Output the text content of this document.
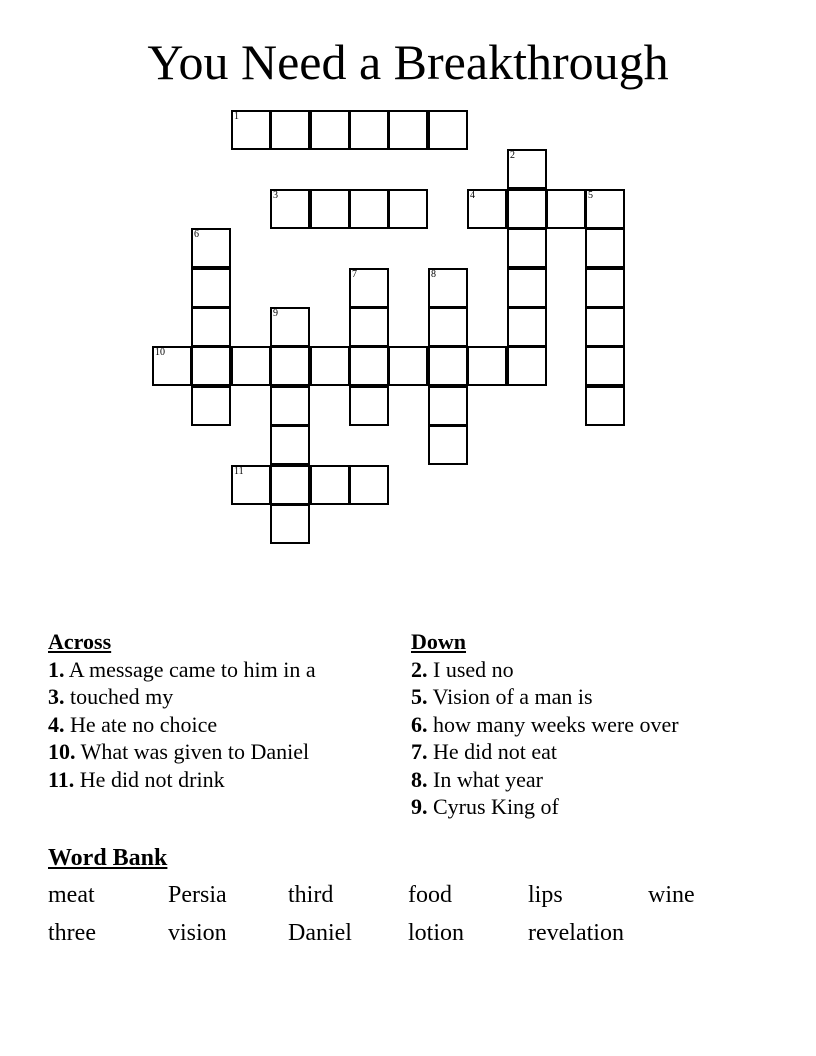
You Need a Breakthrough
1
2
3	4	5
6
7	8
9
10
11
Across
1. A message came to him in a
3. touched my
4. He ate no choice
10. What was given to Daniel
11. He did not drink
Down
2. I used no
5. Vision of a man is
6. how many weeks were over
7. He did not eat
8. In what year
9. Cyrus King of
Word Bank
meat	Persia	third	food	lips	wine
three	vision	Daniel lotion	revelation
